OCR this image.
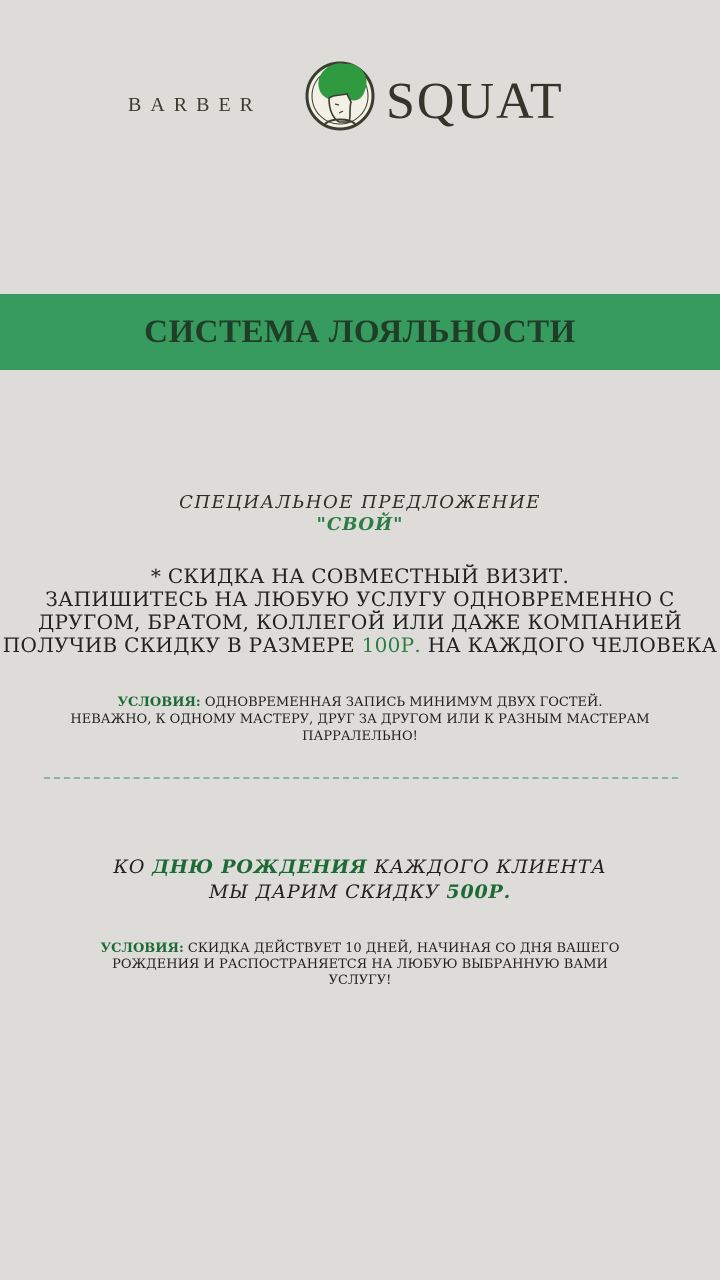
BARBER SQUAT
СИСТЕМА ЛОЯЛЬНОСТИ
СПЕЦИАЛЬНОЕ ПРЕДЛОЖЕНИЕ
"СВОЙ"
* СКИДКА НА СОВМЕСТНЫЙ ВИЗИТ.
ЗАПИШИТЕСЬ НА ЛЮБУЮ УСЛУГУ ОДНОВРЕМЕННО С
ДРУГОМ, БРАТОМ, КОЛЛЕГОЙ ИЛИ ДАЖЕ КОМПАНИЕЙ
ПОЛУЧИВ СКИДКУ В РАЗМЕРЕ 100Р. НА КАЖДОГО ЧЕЛОВЕКА
УСЛОВИЯ: ОДНОВРЕМЕННАЯ ЗАПИСЬ МИНИМУМ ДВУХ ГОСТЕЙ.
НЕВАЖНО, К ОДНОМУ МАСТЕРУ, ДРУГ ЗА ДРУГОМ ИЛИ К РАЗНЫМ МАСТЕРАМ
ПАРРАЛЕЛЬНО!
КО ДНЮ РОЖДЕНИЯ КАЖДОГО КЛИЕНТА
МЫ ДАРИМ СКИДКУ 500Р.
УСЛОВИЯ: СКИДКА ДЕЙСТВУЕТ 10 ДНЕЙ, НАЧИНАЯ СО ДНЯ ВАШЕГО
РОЖДЕНИЯ И РАСПОСТРАНЯЕТСЯ НА ЛЮБУЮ ВЫБРАННУЮ ВАМИ
УСЛУГУ!
